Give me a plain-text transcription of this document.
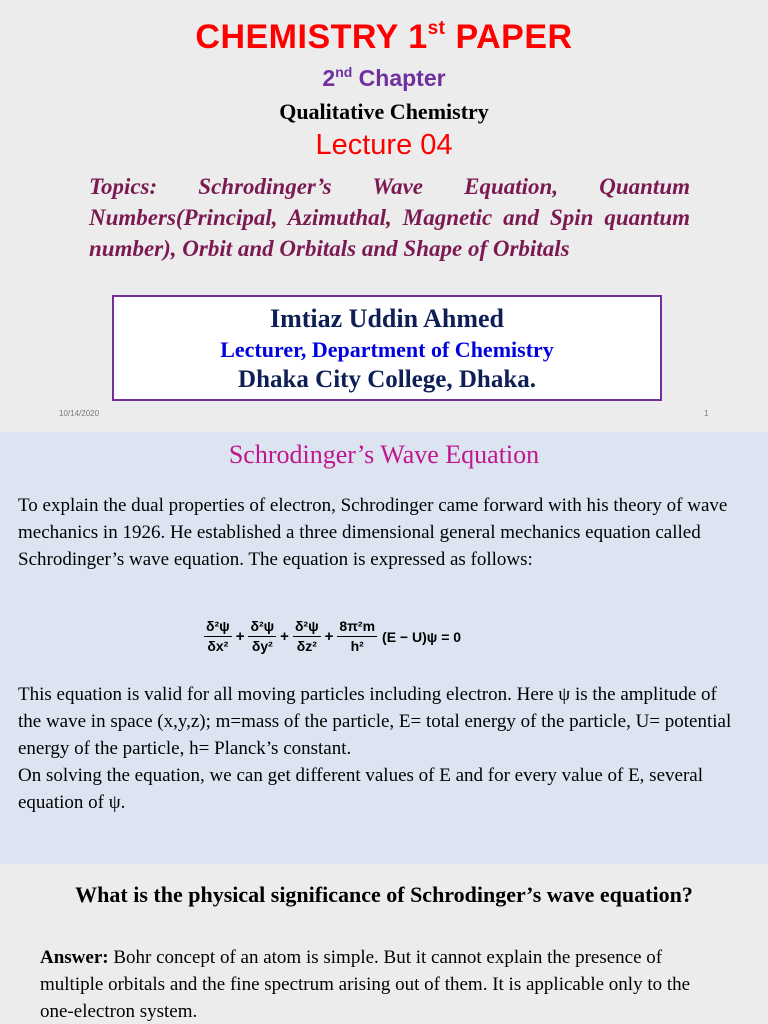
CHEMISTRY 1st PAPER
2nd Chapter
Qualitative Chemistry
Lecture 04
Topics: Schrodinger’s Wave Equation, Quantum Numbers(Principal, Azimuthal, Magnetic and Spin quantum number), Orbit and Orbitals and Shape of Orbitals
Imtiaz Uddin Ahmed
Lecturer, Department of Chemistry
Dhaka City College, Dhaka.
10/14/2020	1
Schrodinger’s Wave Equation
To explain the dual properties of electron, Schrodinger came forward with his theory of wave mechanics in 1926. He established a three dimensional general mechanics equation called Schrodinger’s wave equation. The equation is expressed as follows:
$\frac{\text{δ²ψ}}{\text{δx²}} + \frac{\text{δ²ψ}}{\text{δy²}} + \frac{\text{δ²ψ}}{\text{δz²}} + \frac{\text{8π²m}}{\text{h²}} (E - U)\psi = 0$
This equation is valid for all moving particles including electron. Here ψ is the amplitude of the wave in space (x,y,z); m=mass of the particle, E= total energy of the particle, U= potential energy of the particle, h= Planck’s constant.
On solving the equation, we can get different values of E and for every value of E, several equation of ψ.
What is the physical significance of Schrodinger’s wave equation?
Answer: Bohr concept of an atom is simple. But it cannot explain the presence of multiple orbitals and the fine spectrum arising out of them. It is applicable only to the one-electron system.
